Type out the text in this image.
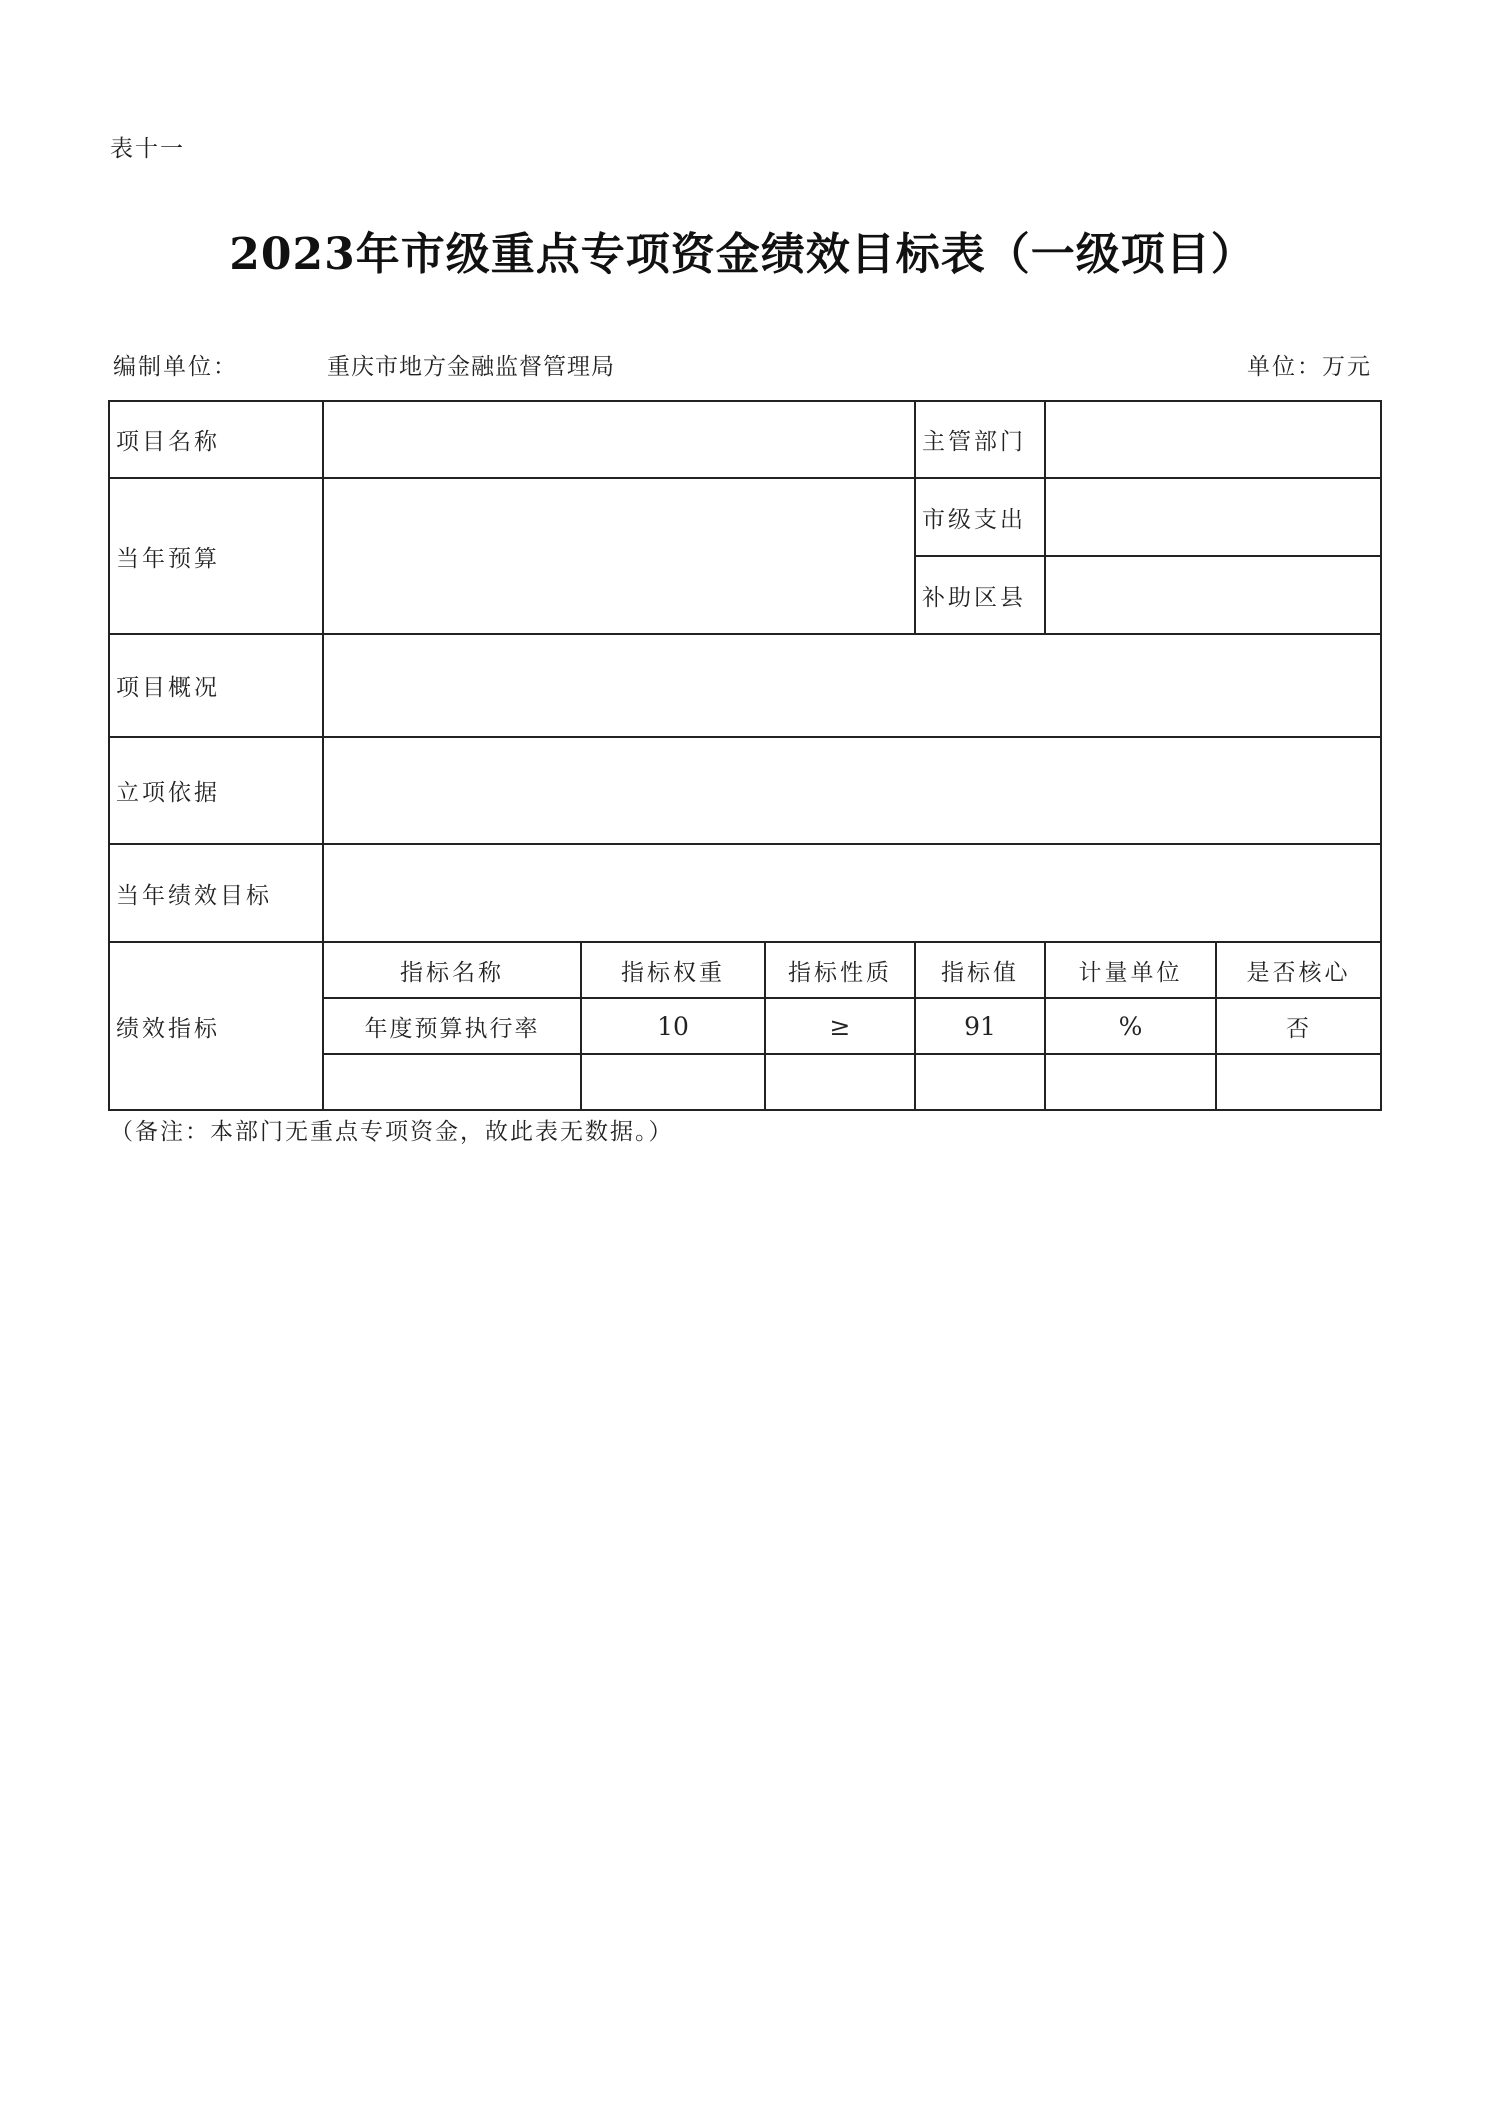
表十一
2023年市级重点专项资金绩效目标表（一级项目）
编制单位：	重庆市地方金融监督管理局	单位：万元
项目名称				主管部门		
当年预算				市级支出		
				补助区县		
项目概况						
立项依据						
当年绩效目标						
绩效指标	指标名称	指标权重	指标性质	指标值	计量单位	是否核心
	年度预算执行率	10	≥	91	%	否

（备注：本部门无重点专项资金，故此表无数据。）
